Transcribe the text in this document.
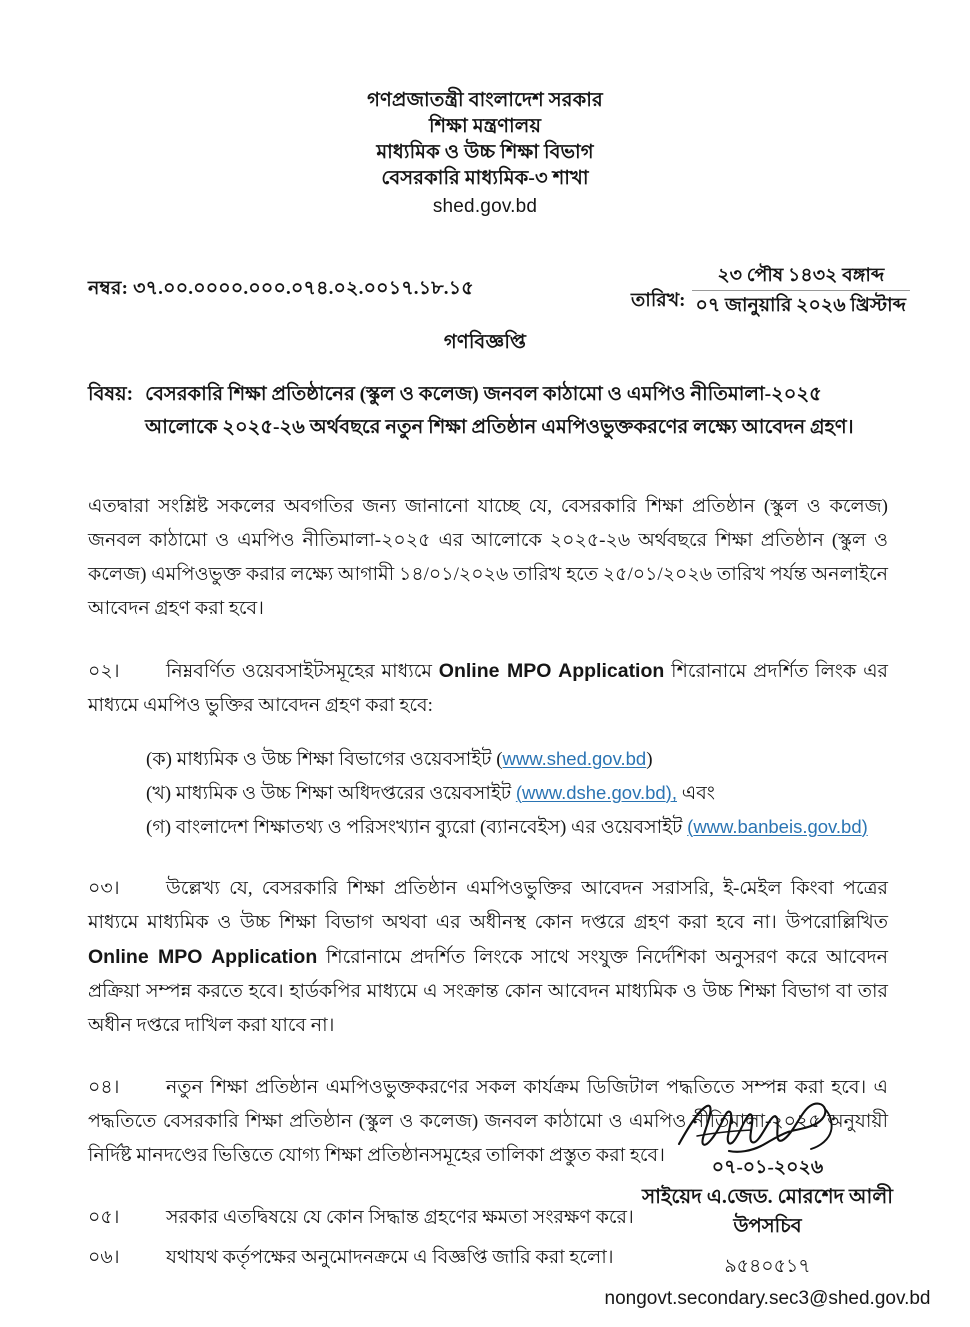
গণপ্রজাতন্ত্রী বাংলাদেশ সরকার
শিক্ষা মন্ত্রণালয়
মাধ্যমিক ও উচ্চ শিক্ষা বিভাগ
বেসরকারি মাধ্যমিক-৩ শাখা
shed.gov.bd
নম্বর: ৩৭.০০.০০০০.০০০.০৭৪.০২.০০১৭.১৮.১৫
তারিখ:
২৩ পৌষ ১৪৩২ বঙ্গাব্দ
০৭ জানুয়ারি ২০২৬ খ্রিস্টাব্দ
গণবিজ্ঞপ্তি
বিষয়: বেসরকারি শিক্ষা প্রতিষ্ঠানের (স্কুল ও কলেজ) জনবল কাঠামো ও এমপিও নীতিমালা-২০২৫ আলোকে ২০২৫-২৬ অর্থবছরে নতুন শিক্ষা প্রতিষ্ঠান এমপিওভুক্তকরণের লক্ষ্যে আবেদন গ্রহণ।

এতদ্বারা সংশ্লিষ্ট সকলের অবগতির জন্য জানানো যাচ্ছে যে, বেসরকারি শিক্ষা প্রতিষ্ঠান (স্কুল ও কলেজ) জনবল কাঠামো ও এমপিও নীতিমালা-২০২৫ এর আলোকে ২০২৫-২৬ অর্থবছরে শিক্ষা প্রতিষ্ঠান (স্কুল ও কলেজ) এমপিওভুক্ত করার লক্ষ্যে আগামী ১৪/০১/২০২৬ তারিখ হতে ২৫/০১/২০২৬ তারিখ পর্যন্ত অনলাইনে আবেদন গ্রহণ করা হবে।

০২। নিম্নবর্ণিত ওয়েবসাইটসমূহের মাধ্যমে Online MPO Application শিরোনামে প্রদর্শিত লিংক এর মাধ্যমে এমপিও ভুক্তির আবেদন গ্রহণ করা হবে:

(ক) মাধ্যমিক ও উচ্চ শিক্ষা বিভাগের ওয়েবসাইট (www.shed.gov.bd)
(খ) মাধ্যমিক ও উচ্চ শিক্ষা অধিদপ্তরের ওয়েবসাইট (www.dshe.gov.bd), এবং
(গ) বাংলাদেশ শিক্ষাতথ্য ও পরিসংখ্যান ব্যুরো (ব্যানবেইস) এর ওয়েবসাইট (www.banbeis.gov.bd)

০৩। উল্লেখ্য যে, বেসরকারি শিক্ষা প্রতিষ্ঠান এমপিওভুক্তির আবেদন সরাসরি, ই-মেইল কিংবা পত্রের মাধ্যমে মাধ্যমিক ও উচ্চ শিক্ষা বিভাগ অথবা এর অধীনস্থ কোন দপ্তরে গ্রহণ করা হবে না। উপরোল্লিখিত Online MPO Application শিরোনামে প্রদর্শিত লিংকে সাথে সংযুক্ত নির্দেশিকা অনুসরণ করে আবেদন প্রক্রিয়া সম্পন্ন করতে হবে। হার্ডকপির মাধ্যমে এ সংক্রান্ত কোন আবেদন মাধ্যমিক ও উচ্চ শিক্ষা বিভাগ বা তার অধীন দপ্তরে দাখিল করা যাবে না।

০৪। নতুন শিক্ষা প্রতিষ্ঠান এমপিওভুক্তকরণের সকল কার্যক্রম ডিজিটাল পদ্ধতিতে সম্পন্ন করা হবে। এ পদ্ধতিতে বেসরকারি শিক্ষা প্রতিষ্ঠান (স্কুল ও কলেজ) জনবল কাঠামো ও এমপিও নীতিমালা-২০২৫ অনুযায়ী নির্দিষ্ট মানদণ্ডের ভিত্তিতে যোগ্য শিক্ষা প্রতিষ্ঠানসমূহের তালিকা প্রস্তুত করা হবে।

০৫। সরকার এতদ্বিষয়ে যে কোন সিদ্ধান্ত গ্রহণের ক্ষমতা সংরক্ষণ করে।
০৬। যথাযথ কর্তৃপক্ষের অনুমোদনক্রমে এ বিজ্ঞপ্তি জারি করা হলো।
০৭-০১-২০২৬
সাইয়েদ এ.জেড. মোরশেদ আলী
উপসচিব
৯৫৪০৫১৭
nongovt.secondary.sec3@shed.gov.bd
